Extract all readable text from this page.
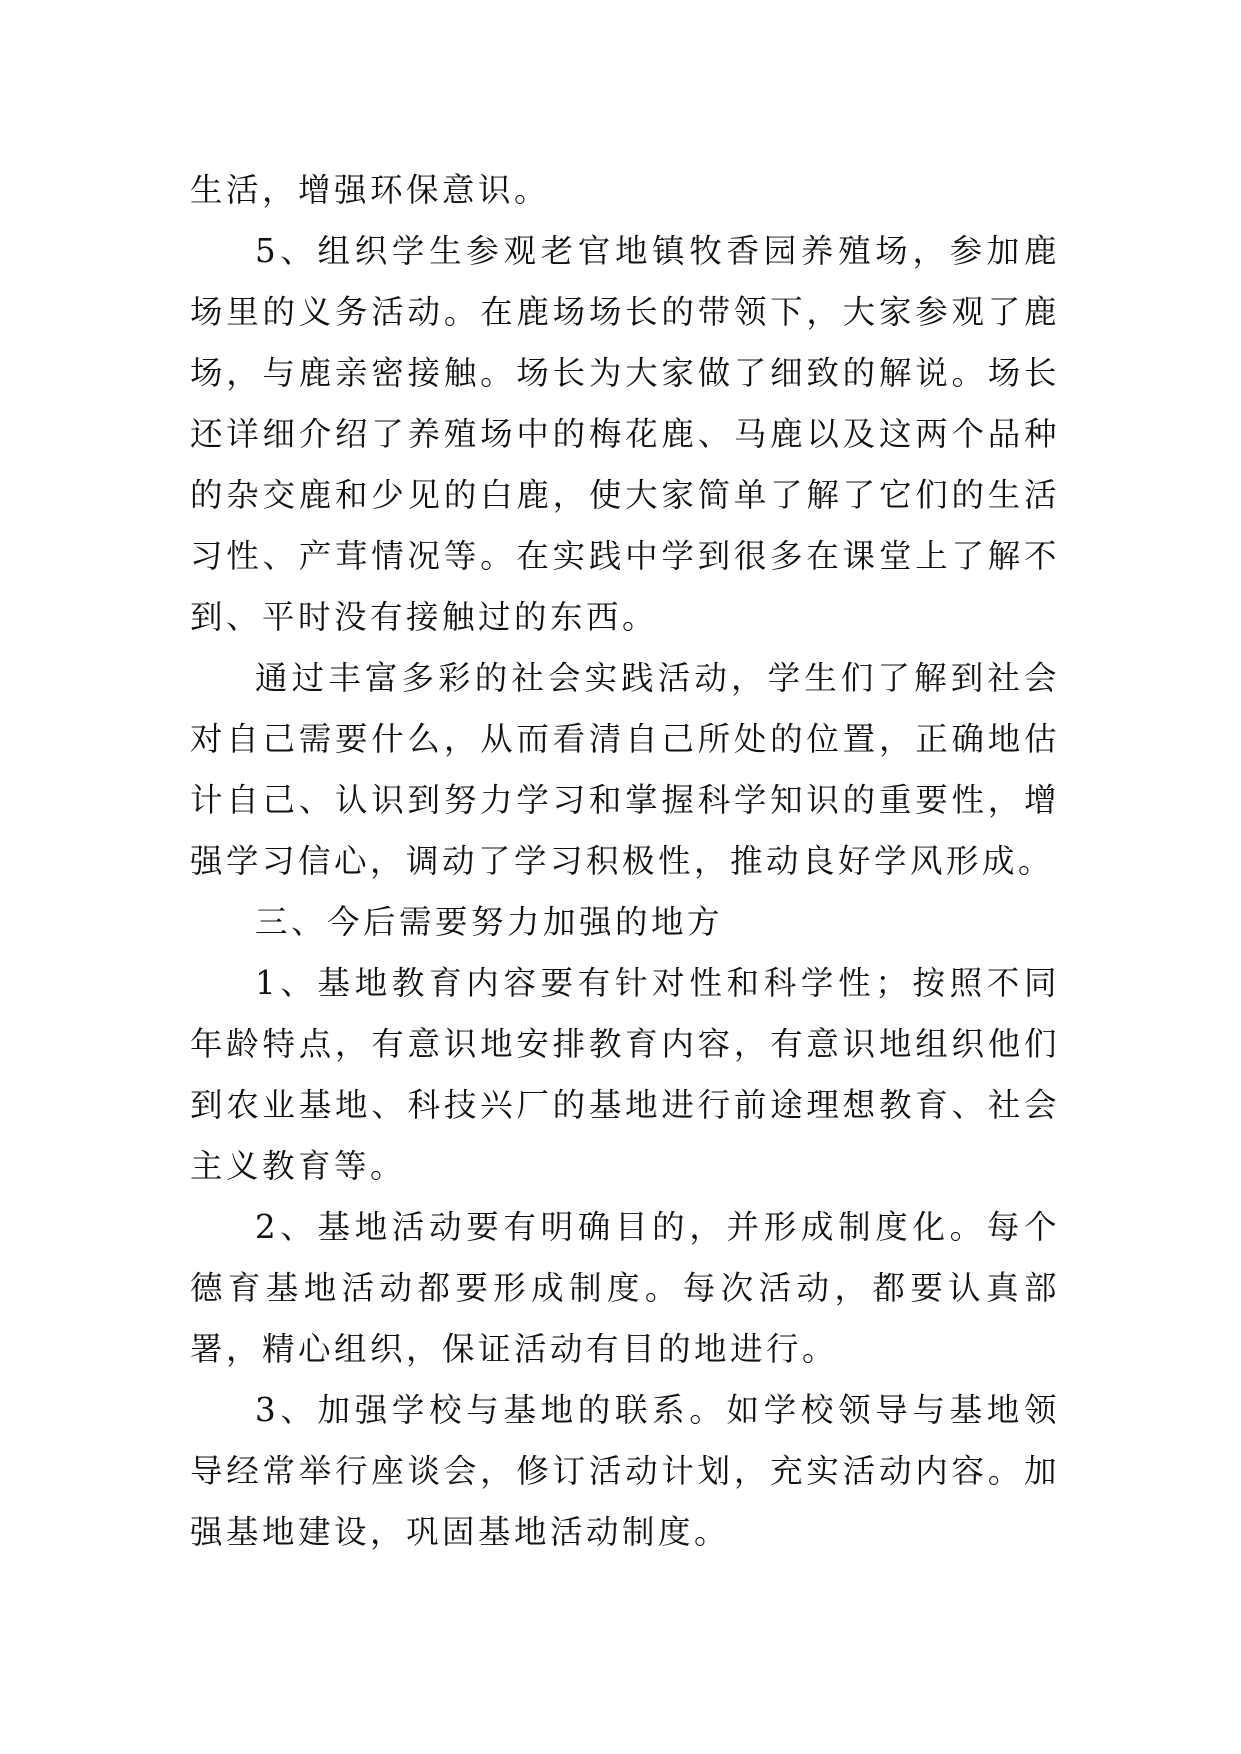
生活，增强环保意识。

5、组织学生参观老官地镇牧香园养殖场，参加鹿场里的义务活动。在鹿场场长的带领下，大家参观了鹿场，与鹿亲密接触。场长为大家做了细致的解说。场长还详细介绍了养殖场中的梅花鹿、马鹿以及这两个品种的杂交鹿和少见的白鹿，使大家简单了解了它们的生活习性、产茸情况等。在实践中学到很多在课堂上了解不到、平时没有接触过的东西。

通过丰富多彩的社会实践活动，学生们了解到社会对自己需要什么，从而看清自己所处的位置，正确地估计自己、认识到努力学习和掌握科学知识的重要性，增强学习信心，调动了学习积极性，推动良好学风形成。

三、今后需要努力加强的地方

1、基地教育内容要有针对性和科学性；按照不同年龄特点，有意识地安排教育内容，有意识地组织他们到农业基地、科技兴厂的基地进行前途理想教育、社会主义教育等。

2、基地活动要有明确目的，并形成制度化。每个德育基地活动都要形成制度。每次活动，都要认真部署，精心组织，保证活动有目的地进行。

3、加强学校与基地的联系。如学校领导与基地领导经常举行座谈会，修订活动计划，充实活动内容。加强基地建设，巩固基地活动制度。
